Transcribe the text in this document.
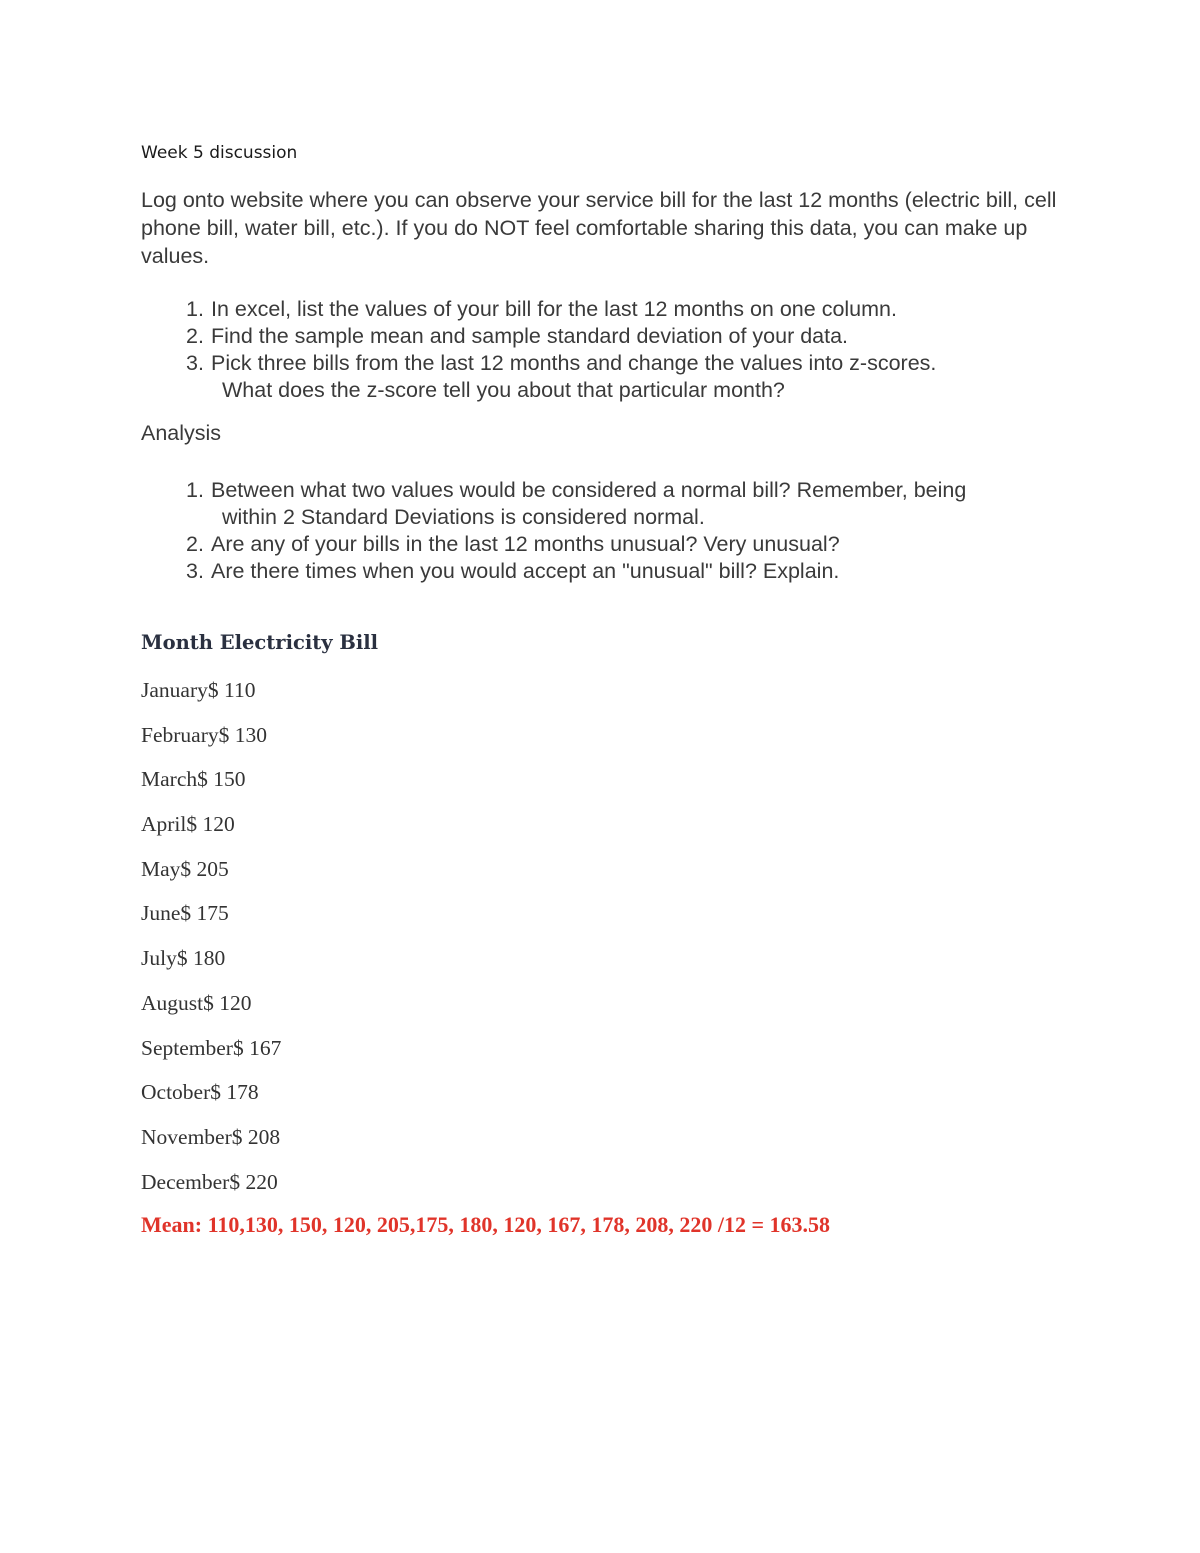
Week 5 discussion
Log onto website where you can observe your service bill for the last 12 months (electric bill, cell phone bill, water bill, etc.). If you do NOT feel comfortable sharing this data, you can make up values.
1. In excel, list the values of your bill for the last 12 months on one column.
2. Find the sample mean and sample standard deviation of your data.
3. Pick three bills from the last 12 months and change the values into z-scores.
What does the z-score tell you about that particular month?
Analysis
1. Between what two values would be considered a normal bill? Remember, being
within 2 Standard Deviations is considered normal.
2. Are any of your bills in the last 12 months unusual? Very unusual?
3. Are there times when you would accept an "unusual" bill? Explain.
Month Electricity Bill
January$ 110
February$ 130
March$ 150
April$ 120
May$ 205
June$ 175
July$ 180
August$ 120
September$ 167
October$ 178
November$ 208
December$ 220
Mean: 110,130, 150, 120, 205,175, 180, 120, 167, 178, 208, 220 /12 = 163.58
